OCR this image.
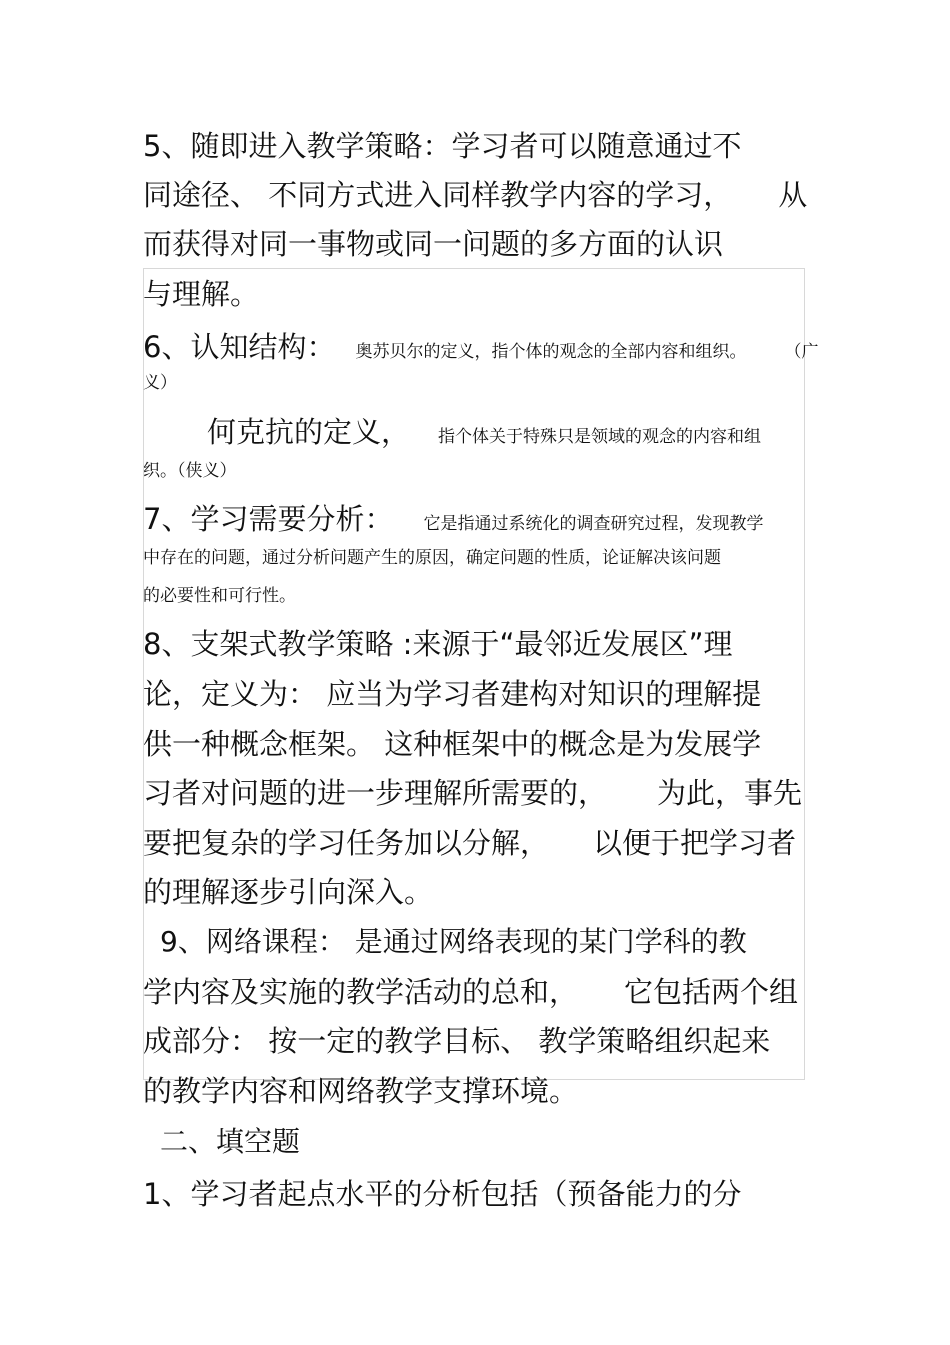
5、随即进入教学策略：学习者可以随意通过不
同途径、 不同方式进入同样教学内容的学习， 从
而获得对同一事物或同一问题的多方面的认识
与理解。
6、认知结构： 奥苏贝尔的定义，指个体的观念的全部内容和组织。 （广
义）
何克抗的定义， 指个体关于特殊只是领域的观念的内容和组
织。（侠义）
7、学习需要分析： 它是指通过系统化的调查研究过程，发现教学
中存在的问题，通过分析问题产生的原因，确定问题的性质，论证解决该问题
的必要性和可行性。
8、支架式教学策略 :来源于“最邻近发展区”理
论，定义为： 应当为学习者建构对知识的理解提
供一种概念框架。 这种框架中的概念是为发展学
习者对问题的进一步理解所需要的， 为此，事先
要把复杂的学习任务加以分解， 以便于把学习者
的理解逐步引向深入。
9、网络课程： 是通过网络表现的某门学科的教
学内容及实施的教学活动的总和， 它包括两个组
成部分： 按一定的教学目标、 教学策略组织起来
的教学内容和网络教学支撑环境。
二、填空题
1、学习者起点水平的分析包括（预备能力的分
